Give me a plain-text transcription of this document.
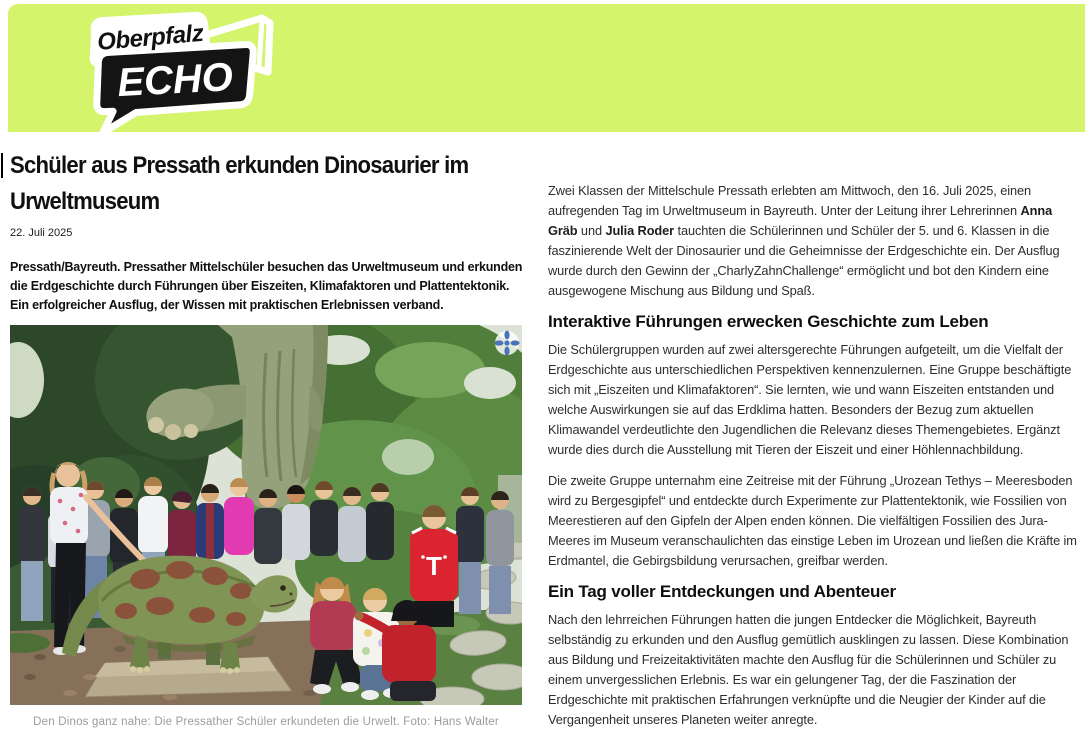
Oberpfalz
ECHO
Schüler aus Pressath erkunden Dinosaurier im Urweltmuseum
22. Juli 2025

Pressath/Bayreuth. Pressather Mittelschüler besuchen das Urweltmuseum und erkunden die Erdgeschichte durch Führungen über Eiszeiten, Klimafaktoren und Plattentektonik. Ein erfolgreicher Ausflug, der Wissen mit praktischen Erlebnissen verband.

T
Den Dinos ganz nahe: Die Pressather Schüler erkundeten die Urwelt. Foto: Hans Walter

Zwei Klassen der Mittelschule Pressath erlebten am Mittwoch, den 16. Juli 2025, einen aufregenden Tag im Urweltmuseum in Bayreuth. Unter der Leitung ihrer Lehrerinnen Anna Gräb und Julia Roder tauchten die Schülerinnen und Schüler der 5. und 6. Klassen in die faszinierende Welt der Dinosaurier und die Geheimnisse der Erdgeschichte ein. Der Ausflug wurde durch den Gewinn der „CharlyZahnChallenge“ ermöglicht und bot den Kindern eine ausgewogene Mischung aus Bildung und Spaß.

Interaktive Führungen erwecken Geschichte zum Leben

Die Schülergruppen wurden auf zwei altersgerechte Führungen aufgeteilt, um die Vielfalt der Erdgeschichte aus unterschiedlichen Perspektiven kennenzulernen. Eine Gruppe beschäftigte sich mit „Eiszeiten und Klimafaktoren“. Sie lernten, wie und wann Eiszeiten entstanden und welche Auswirkungen sie auf das Erdklima hatten. Besonders der Bezug zum aktuellen Klimawandel verdeutlichte den Jugendlichen die Relevanz dieses Themengebietes. Ergänzt wurde dies durch die Ausstellung mit Tieren der Eiszeit und einer Höhlennachbildung.

Die zweite Gruppe unternahm eine Zeitreise mit der Führung „Urozean Tethys – Meeresboden wird zu Bergesgipfel“ und entdeckte durch Experimente zur Plattentektonik, wie Fossilien von Meerestieren auf den Gipfeln der Alpen enden können. Die vielfältigen Fossilien des Jura-Meeres im Museum veranschaulichten das einstige Leben im Urozean und ließen die Kräfte im Erdmantel, die Gebirgsbildung verursachen, greifbar werden.

Ein Tag voller Entdeckungen und Abenteuer

Nach den lehrreichen Führungen hatten die jungen Entdecker die Möglichkeit, Bayreuth selbständig zu erkunden und den Ausflug gemütlich ausklingen zu lassen. Diese Kombination aus Bildung und Freizeitaktivitäten machte den Ausflug für die Schülerinnen und Schüler zu einem unvergesslichen Erlebnis. Es war ein gelungener Tag, der die Faszination der Erdgeschichte mit praktischen Erfahrungen verknüpfte und die Neugier der Kinder auf die Vergangenheit unseres Planeten weiter anregte.
